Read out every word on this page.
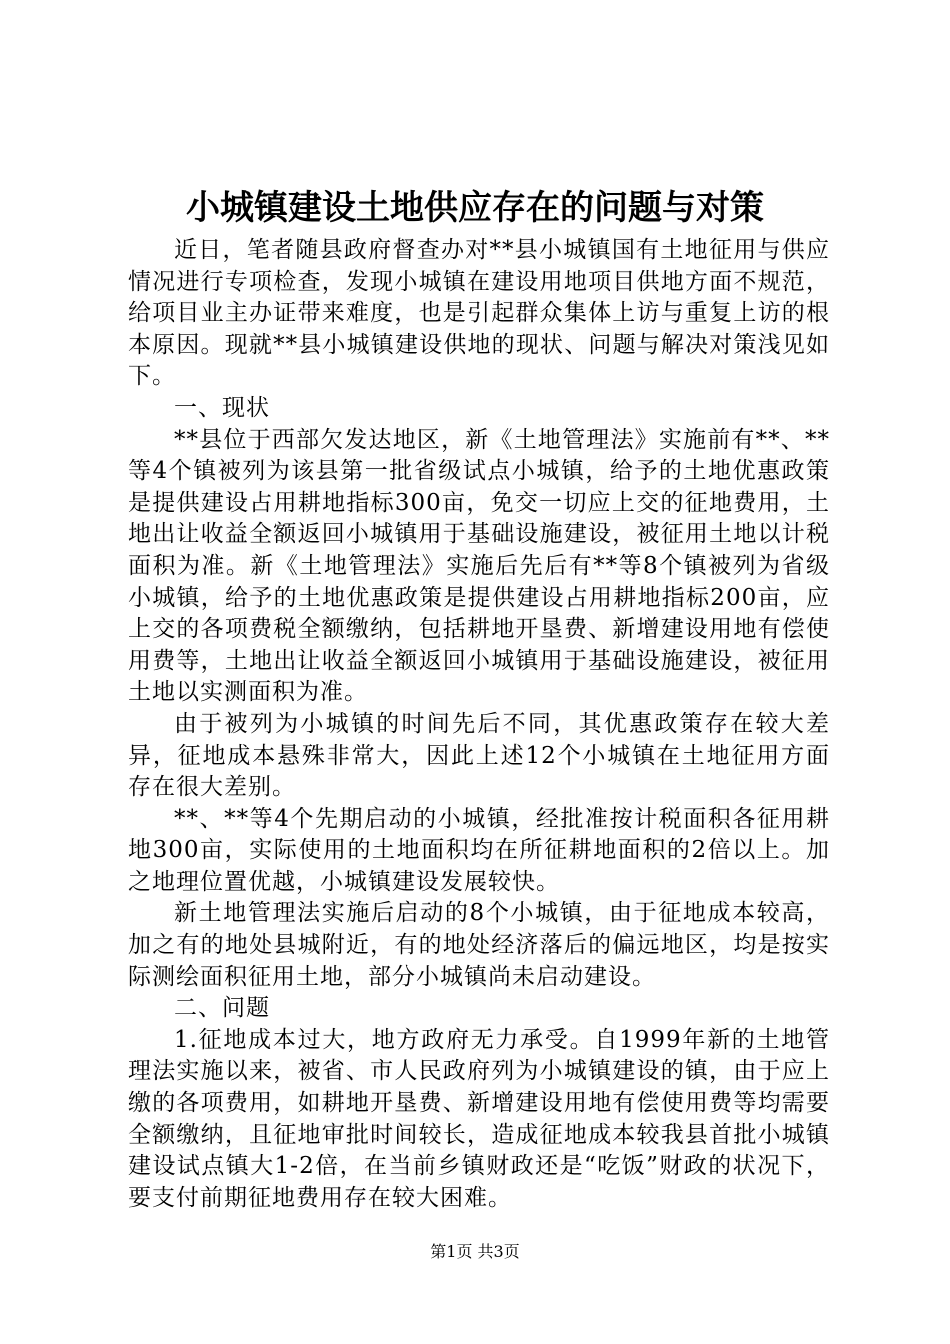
小城镇建设土地供应存在的问题与对策

近日，笔者随县政府督查办对**县小城镇国有土地征用与供应情况进行专项检查，发现小城镇在建设用地项目供地方面不规范，给项目业主办证带来难度，也是引起群众集体上访与重复上访的根本原因。现就**县小城镇建设供地的现状、问题与解决对策浅见如下。

一、现状

**县位于西部欠发达地区，新《土地管理法》实施前有**、**等4个镇被列为该县第一批省级试点小城镇，给予的土地优惠政策是提供建设占用耕地指标300亩，免交一切应上交的征地费用，土地出让收益全额返回小城镇用于基础设施建设，被征用土地以计税面积为准。新《土地管理法》实施后先后有**等8个镇被列为省级小城镇，给予的土地优惠政策是提供建设占用耕地指标200亩，应上交的各项费税全额缴纳，包括耕地开垦费、新增建设用地有偿使用费等，土地出让收益全额返回小城镇用于基础设施建设，被征用土地以实测面积为准。

由于被列为小城镇的时间先后不同，其优惠政策存在较大差异，征地成本悬殊非常大，因此上述12个小城镇在土地征用方面存在很大差别。

**、**等4个先期启动的小城镇，经批准按计税面积各征用耕地300亩，实际使用的土地面积均在所征耕地面积的2倍以上。加之地理位置优越，小城镇建设发展较快。

新土地管理法实施后启动的8个小城镇，由于征地成本较高，加之有的地处县城附近，有的地处经济落后的偏远地区，均是按实际测绘面积征用土地，部分小城镇尚未启动建设。

二、问题

1.征地成本过大，地方政府无力承受。自1999年新的土地管理法实施以来，被省、市人民政府列为小城镇建设的镇，由于应上缴的各项费用，如耕地开垦费、新增建设用地有偿使用费等均需要全额缴纳，且征地审批时间较长，造成征地成本较我县首批小城镇建设试点镇大1-2倍，在当前乡镇财政还是“吃饭”财政的状况下，要支付前期征地费用存在较大困难。

第1页 共3页
